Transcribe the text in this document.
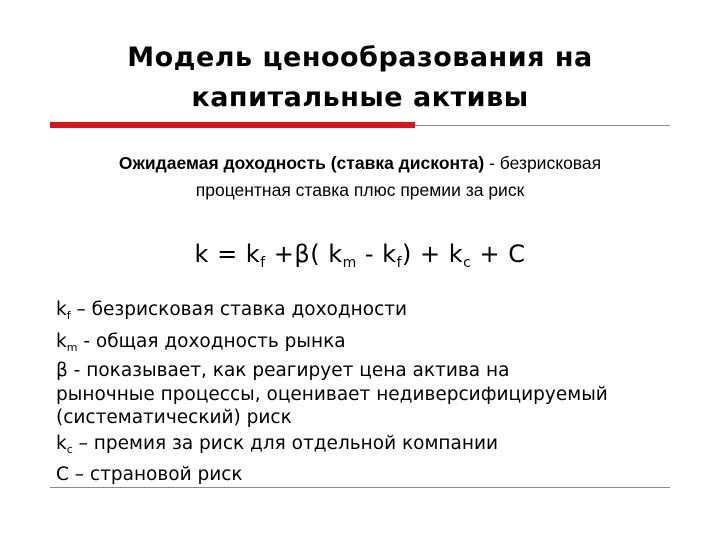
Модель ценообразования на
капитальные активы
Ожидаемая доходность (ставка дисконта) - безрисковая
процентная ставка плюс премии за риск
$k = k_f +\beta$( $k_m - k_f) + k_c + C$
$k_f$ – безрисковая ставка доходности
$k_m$ - общая доходность рынка
β - показывает, как реагирует цена актива на
рыночные процессы, оценивает недиверсифицируемый
(систематический) риск
$k_c$ – премия за риск для отдельной компании
С – страновой риск
